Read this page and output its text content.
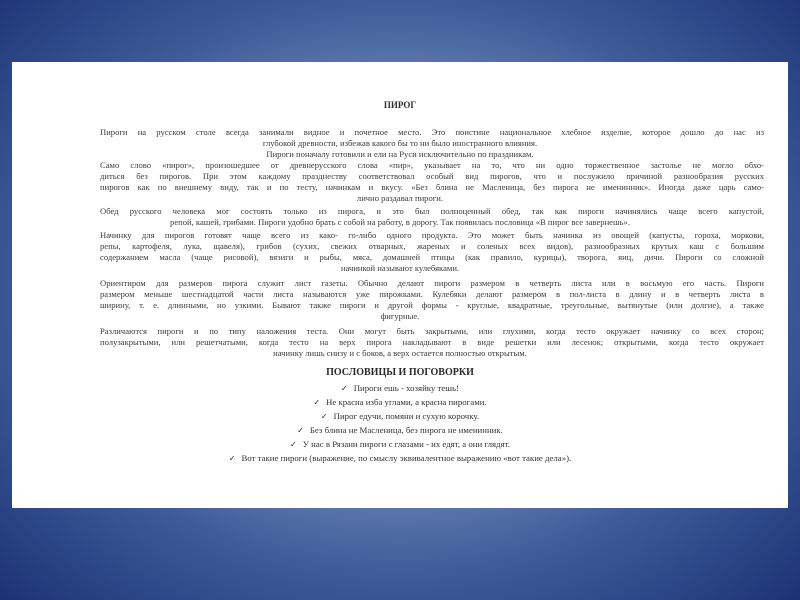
ПИРОГ
Пироги на русском столе всегда занимали видное и почетное место. Это поистине национальное хлебное изделие, которое дошло до нас из
глубокой древности, избежав какого бы то ни было иностранного влияния.
Пироги поначалу готовили и ели на Руси исключительно по праздникам.
Само слово «пирог», произошедшее от древнерусского слова «пир», указывает на то, что ни одно торжественное застолье не могло обхо-
диться без пирогов. При этом каждому празднеству соответствовал особый вид пирогов, что и послужило причиной разнообразия русских
пирогов как по внешнему виду, так и по тесту, начинкам и вкусу. «Без блина не Масленица, без пирога не именинник». Иногда даже царь само-
лично раздавал пироги.
Обед русского человека мог состоять только из пирога, и это был полноценный обед, так как пироги начинялись чаще всего капустой,
репой, кашей, грибами. Пироги удобно брать с собой на работу, в дорогу. Так появилась пословица «В пирог все завернешь».
Начинку для пирогов готовят чаще всего из како- го-либо одного продукта. Это может быть начинка из овощей (капусты, гороха, моркови,
репы, картофеля, лука, щавеля), грибов (сухих, свежих отварных, жареных и соленых всех видов), разнообразных крутых каш с большим
содержанием масла (чаще рисовой), вязиги и рыбы, мяса, домашней птицы (как правило, курицы), творога, яиц, дичи. Пироги со сложной
начинкой называют кулебяками.
Ориентиром для размеров пирога служит лист газеты. Обычно делают пироги размером в четверть листа или в восьмую его часть. Пироги
размером меньше шестнадцатой части листа называются уже пирожками. Кулебяки делают размером в пол-листа в длину и в четверть листа в
ширину, т. е. длинными, но узкими. Бывают также пироги и другой формы - круглые, квадратные, треугольные, вытянутые (или долгие), а также
фигурные.
Различаются пироги и по типу наложения теста. Они могут быть закрытыми, или глухими, когда тесто окружает начинку со всех сторон;
полузакрытыми, или решетчатыми, когда тесто на верх пирога накладывают в виде решетки или лесенок; открытыми, когда тесто окружает
начинку лишь снизу и с боков, а верх остается полностью открытым.
ПОСЛОВИЦЫ И ПОГОВОРКИ
✓ Пироги ешь - хозяйку тешь!
✓ Не красна изба углами, а красна пирогами.
✓ Пирог едучи, помяни и сухую корочку.
✓ Без блина не Масленица, без пирога не именинник.
✓ У нас в Рязани пироги с глазами - их едят, а они глядят.
✓ Вот такие пироги (выражение, по смыслу эквивалентное выражению «вот такие дела»).
